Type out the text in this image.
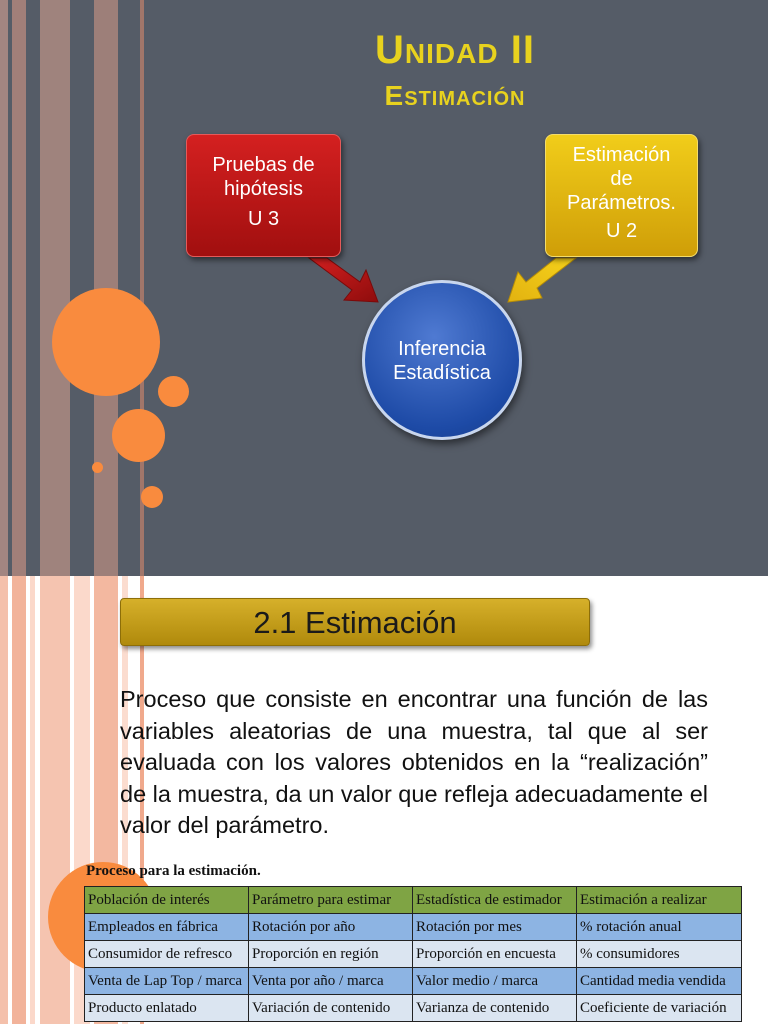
Unidad II
Estimación
Pruebas de
hipótesis
U 3
Estimación
de
Parámetros.
U 2
Inferencia
Estadística
2.1 Estimación
Proceso que consiste en encontrar una función de las variables aleatorias de una muestra, tal que al ser evaluada con los valores obtenidos en la “realización” de la muestra, da un valor que refleja adecuadamente el valor del parámetro.
Proceso para la estimación.
Población de interés	Parámetro para estimar	Estadística de estimador	Estimación a realizar
Empleados en fábrica	Rotación por año	Rotación por mes	% rotación anual
Consumidor de refresco	Proporción en región	Proporción en encuesta	% consumidores
Venta de Lap Top / marca	Venta por año / marca	Valor medio / marca	Cantidad media vendida
Producto enlatado	Variación de contenido	Varianza de contenido	Coeficiente de variación
